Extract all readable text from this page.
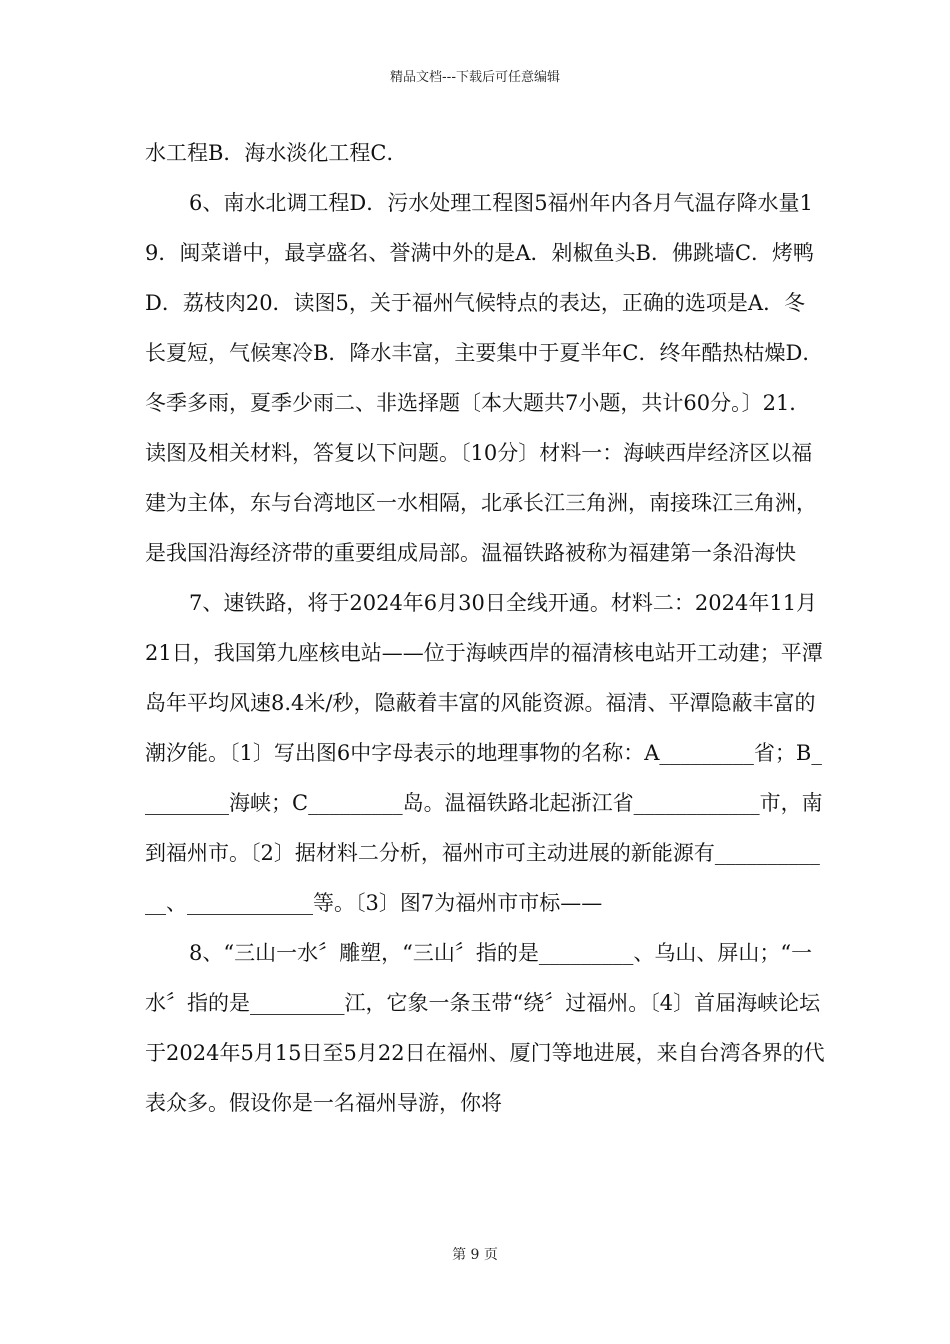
精品文档---下载后可任意编辑

水工程B．海水淡化工程C．

6、南水北调工程D．污水处理工程图5福州年内各月气温存降水量19．闽菜谱中，最享盛名、誉满中外的是A．剁椒鱼头B．佛跳墙C．烤鸭D．荔枝肉20．读图5，关于福州气候特点的表达，正确的选项是A．冬长夏短，气候寒冷B．降水丰富，主要集中于夏半年C．终年酷热枯燥D．冬季多雨，夏季少雨二、非选择题〔本大题共7小题，共计60分。〕21．读图及相关材料，答复以下问题。〔10分〕材料一：海峡西岸经济区以福建为主体，东与台湾地区一水相隔，北承长江三角洲，南接珠江三角洲，是我国沿海经济带的重要组成局部。温福铁路被称为福建第一条沿海快

7、速铁路，将于2024年6月30日全线开通。材料二：2024年11月21日，我国第九座核电站——位于海峡西岸的福清核电站开工动建；平潭岛年平均风速8.4米/秒，隐蔽着丰富的风能资源。福清、平潭隐蔽丰富的潮汐能。〔1〕写出图6中字母表示的地理事物的名称：A_________省；B_________海峡；C_________岛。温福铁路北起浙江省____________市，南到福州市。〔2〕据材料二分析，福州市可主动进展的新能源有____________、____________等。〔3〕图7为福州市市标——

8、“三山一水〞雕塑，“三山〞指的是_________、乌山、屏山；“一水〞指的是_________江，它象一条玉带“绕〞过福州。〔4〕首届海峡论坛于2024年5月15日至5月22日在福州、厦门等地进展，来自台湾各界的代表众多。假设你是一名福州导游，你将

第 9 页
